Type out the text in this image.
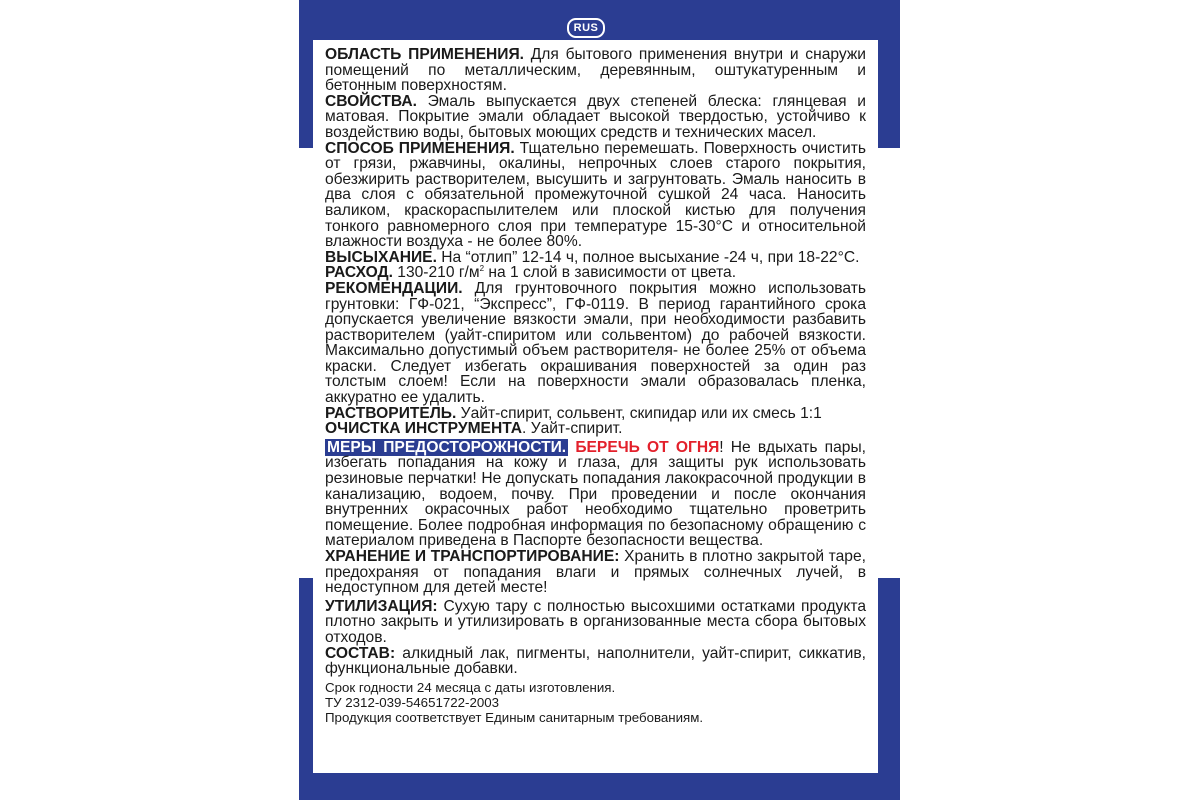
RUS

ОБЛАСТЬ ПРИМЕНЕНИЯ. Для бытового применения внутри и снаружи помещений по металлическим, деревянным, оштукатуренным и бетонным поверхностям.

СВОЙСТВА. Эмаль выпускается двух степеней блеска: глянцевая и матовая. Покрытие эмали обладает высокой твердостью, устойчиво к воздействию воды, бытовых моющих средств и технических масел.

СПОСОБ ПРИМЕНЕНИЯ. Тщательно перемешать. Поверхность очистить от грязи, ржавчины, окалины, непрочных слоев старого покрытия, обезжирить растворителем, высушить и загрунтовать. Эмаль наносить в два слоя с обязательной промежуточной сушкой 24 часа. Наносить валиком, краскораспылителем или плоской кистью для получения тонкого равномерного слоя при температуре 15-30°С и относительной влажности воздуха - не более 80%.

ВЫСЫХАНИЕ. На “отлип” 12-14 ч, полное высыхание -24 ч, при 18-22°С.

РАСХОД. 130-210 $г/м^2$ на 1 слой в зависимости от цвета.

РЕКОМЕНДАЦИИ. Для грунтовочного покрытия можно использовать грунтовки: ГФ-021, “Экспресс”, ГФ-0119. В период гарантийного срока допускается увеличение вязкости эмали, при необходимости разбавить растворителем (уайт-спиритом или сольвентом) до рабочей вязкости. Максимально допустимый объем растворителя- не более 25% от объема краски. Следует избегать окрашивания поверхностей за один раз толстым слоем! Если на поверхности эмали образовалась пленка, аккуратно ее удалить.

РАСТВОРИТЕЛЬ. Уайт-спирит, сольвент, скипидар или их смесь 1:1

ОЧИСТКА ИНСТРУМЕНТА. Уайт-спирит.

МЕРЫ ПРЕДОСТОРОЖНОСТИ. БЕРЕЧЬ ОТ ОГНЯ! Не вдыхать пары, избегать попадания на кожу и глаза, для защиты рук использовать резиновые перчатки! Не допускать попадания лакокрасочной продукции в канализацию, водоем, почву. При проведении и после окончания внутренних окрасочных работ необходимо тщательно проветрить помещение. Более подробная информация по безопасному обращению с материалом приведена в Паспорте безопасности вещества.

ХРАНЕНИЕ И ТРАНСПОРТИРОВАНИЕ: Хранить в плотно закрытой таре, предохраняя от попадания влаги и прямых солнечных лучей, в недоступном для детей месте!

УТИЛИЗАЦИЯ: Сухую тару с полностью высохшими остатками продукта плотно закрыть и утилизировать в организованные места сбора бытовых отходов.

СОСТАВ: алкидный лак, пигменты, наполнители, уайт-спирит, сиккатив, функциональные добавки.

Срок годности 24 месяца с даты изготовления.

ТУ 2312-039-54651722-2003

Продукция соответствует Единым санитарным требованиям.
